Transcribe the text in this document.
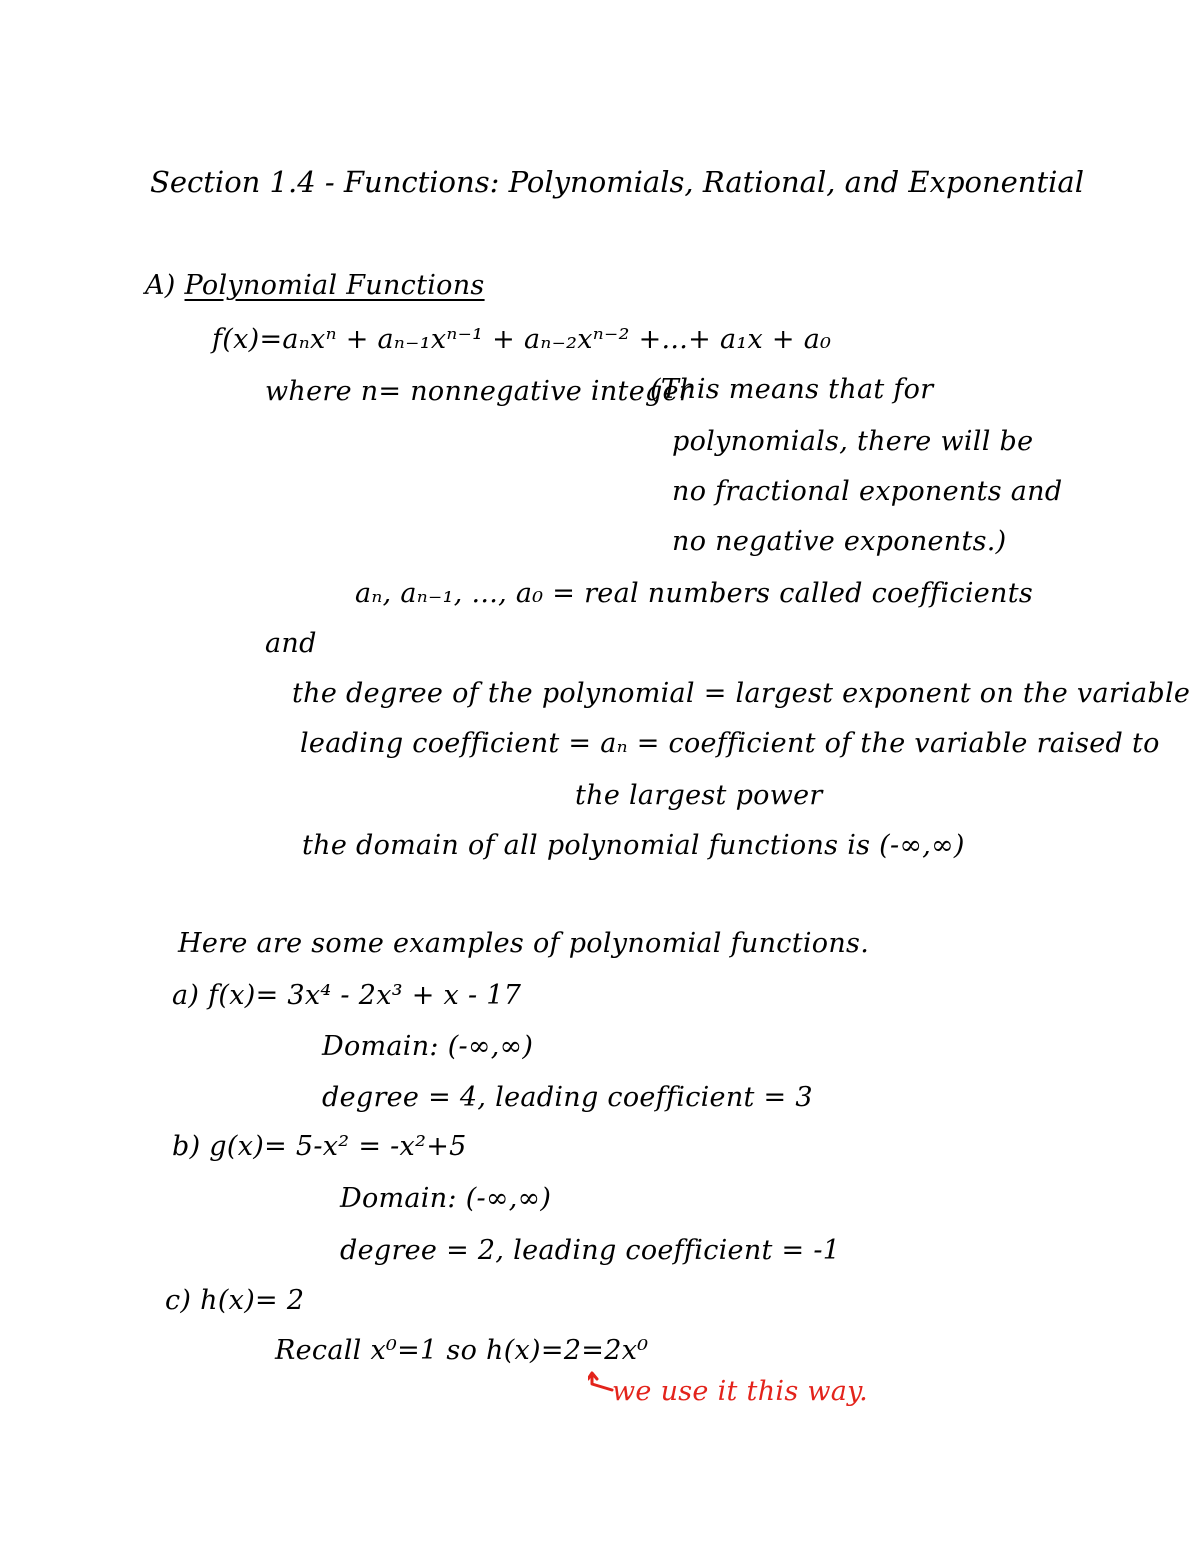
Section 1.4 - Functions: Polynomials, Rational, and Exponential
A) Polynomial Functions
f(x)=aₙxⁿ + aₙ₋₁xⁿ⁻¹ + aₙ₋₂xⁿ⁻² +...+ a₁x + a₀
where n= nonnegative integer
(This means that for
polynomials, there will be
no fractional exponents and
no negative exponents.)
aₙ, aₙ₋₁, ..., a₀ = real numbers called coefficients
and
the degree of the polynomial = largest exponent on the variable
leading coefficient = aₙ = coefficient of the variable raised to
the largest power
the domain of all polynomial functions is (-∞,∞)
Here are some examples of polynomial functions.
a) f(x)= 3x⁴ - 2x³ + x - 17
Domain: (-∞,∞)
degree = 4, leading coefficient = 3
b) g(x)= 5-x² = -x²+5
Domain: (-∞,∞)
degree = 2, leading coefficient = -1
c) h(x)= 2
Recall x⁰=1 so h(x)=2=2x⁰
we use it this way.
